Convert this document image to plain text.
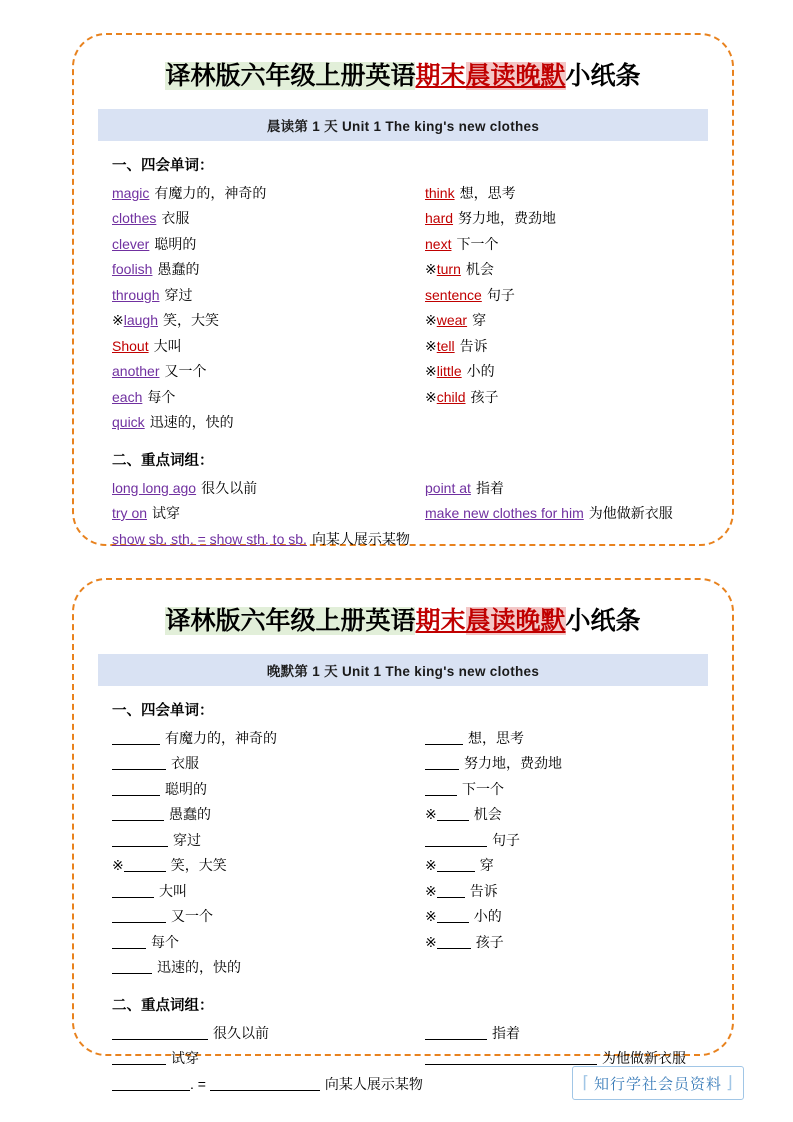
译林版六年级上册英语期末晨读晚默小纸条
晨读第 1 天 Unit 1 The king's new clothes
一、四会单词：
magic 有魔力的，神奇的
clothes 衣服
clever 聪明的
foolish 愚蠢的
through 穿过
※laugh 笑，大笑
Shout 大叫
another 又一个
each 每个
quick 迅速的，快的
think 想，思考
hard 努力地，费劲地
next 下一个
※turn 机会
sentence 句子
※wear 穿
※tell 告诉
※little 小的
※child 孩子
二、重点词组：
long long ago 很久以前
try on 试穿
point at 指着
make new clothes for him 为他做新衣服
show sb. sth. = show sth. to sb. 向某人展示某物
译林版六年级上册英语期末晨读晚默小纸条
晚默第 1 天 Unit 1 The king's new clothes
一、四会单词：
有魔力的，神奇的
衣服
聪明的
愚蠢的
穿过
※	笑，大笑
大叫
又一个
每个
迅速的，快的
想，思考
努力地，费劲地
下一个
※	机会
句子
※	穿
※ 告诉
※	小的
※	孩子
二、重点词组：
很久以前
试穿
指着
为他做新衣服
. =	向某人展示某物	⌈ 知行学社会员资料 ⌋
